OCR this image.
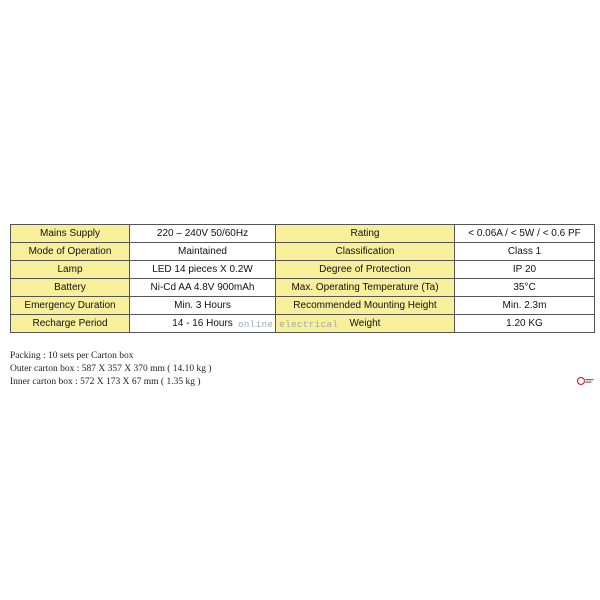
Mains Supply	220 – 240V 50/60Hz	Rating	< 0.06A / < 5W / < 0.6 PF
Mode of Operation	Maintained	Classification	Class 1
Lamp	LED 14 pieces X 0.2W	Degree of Protection	IP 20
Battery	Ni-Cd AA 4.8V 900mAh	Max. Operating Temperature (Ta)	35°C
Emergency Duration	Min. 3 Hours	Recommended Mounting Height	Min. 2.3m
Recharge Period	14 - 16 Hours	Weight	1.20 KG
online electrical
Packing : 10 sets per Carton box
Outer carton box : 587 X 357 X 370 mm ( 14.10 kg )
Inner carton box : 572 X 173 X 67 mm ( 1.35 kg )
